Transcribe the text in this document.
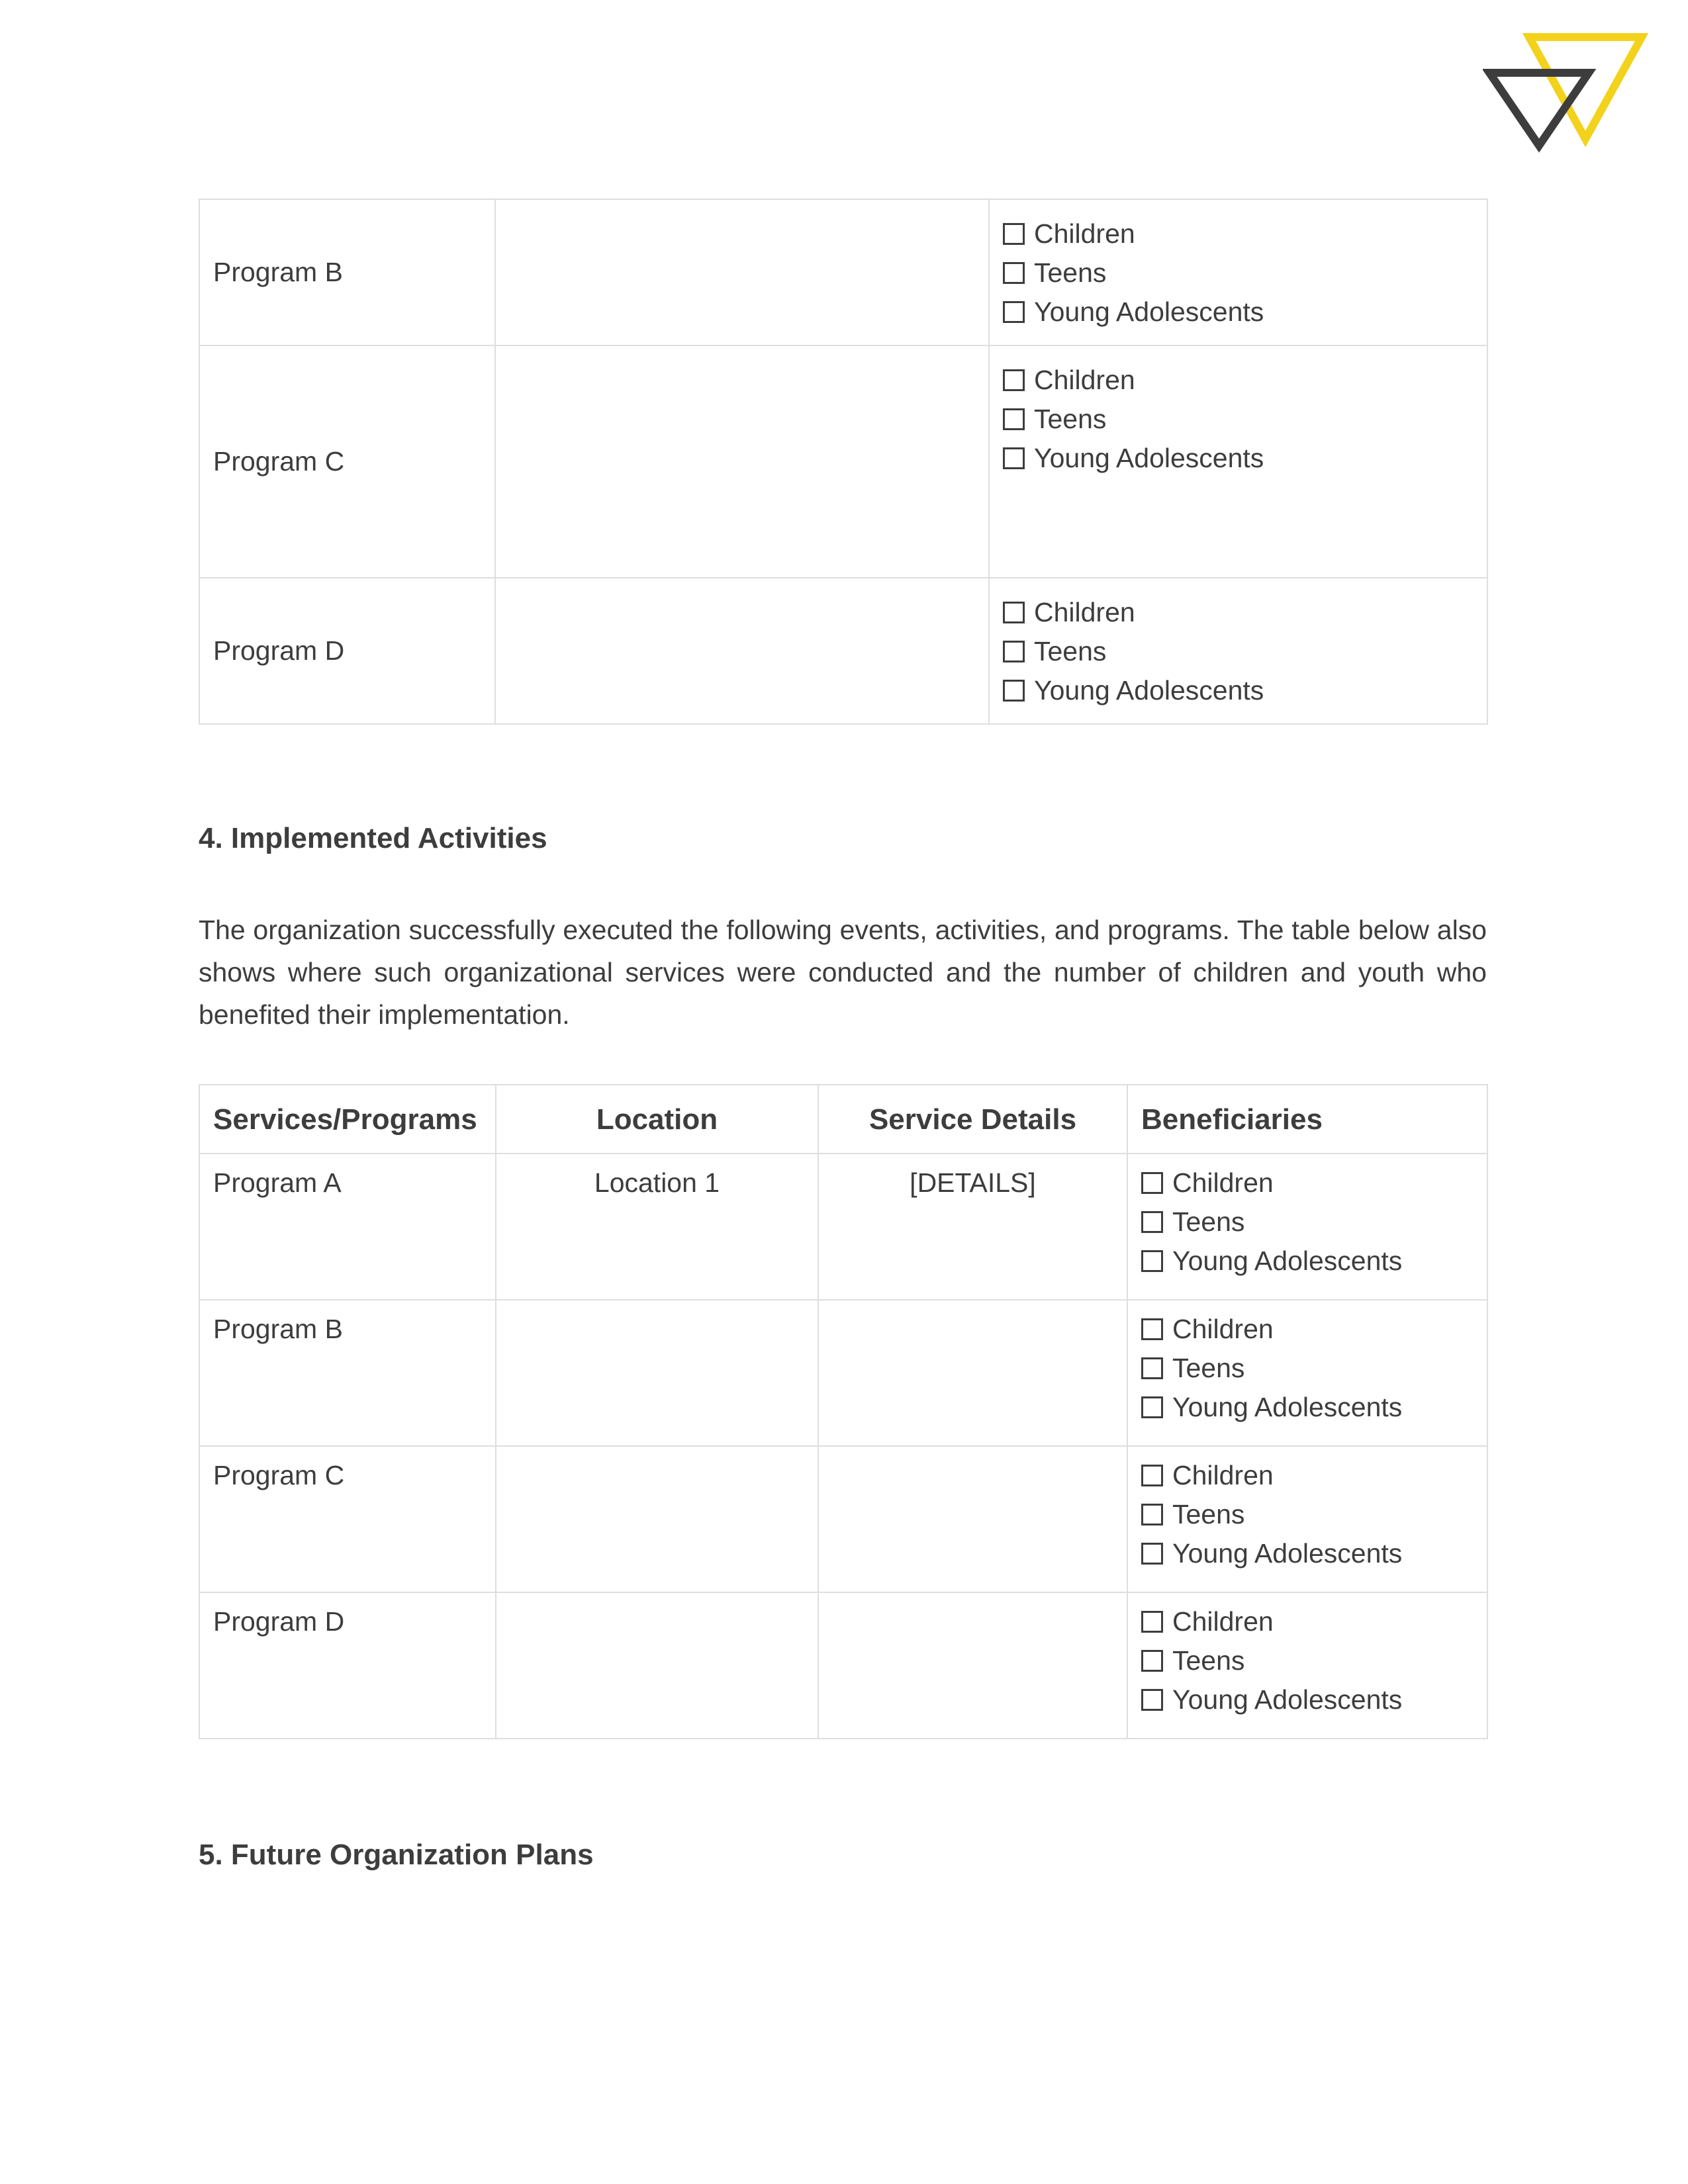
Program B		Children
Teens
Young Adolescents

Program C		Children
Teens
Young Adolescents

Program D		Children
Teens
Young Adolescents
4. Implemented Activities

The organization successfully executed the following events, activities, and programs. The table below also shows where such organizational services were conducted and the number of children and youth who benefited their implementation.

Services/Programs	Location	Service Details	Beneficiaries
Program A	Location 1	[DETAILS]	Children
Teens
Young Adolescents

Program B			Children
Teens
Young Adolescents

Program C			Children
Teens
Young Adolescents

Program D			Children
Teens
Young Adolescents
5. Future Organization Plans
